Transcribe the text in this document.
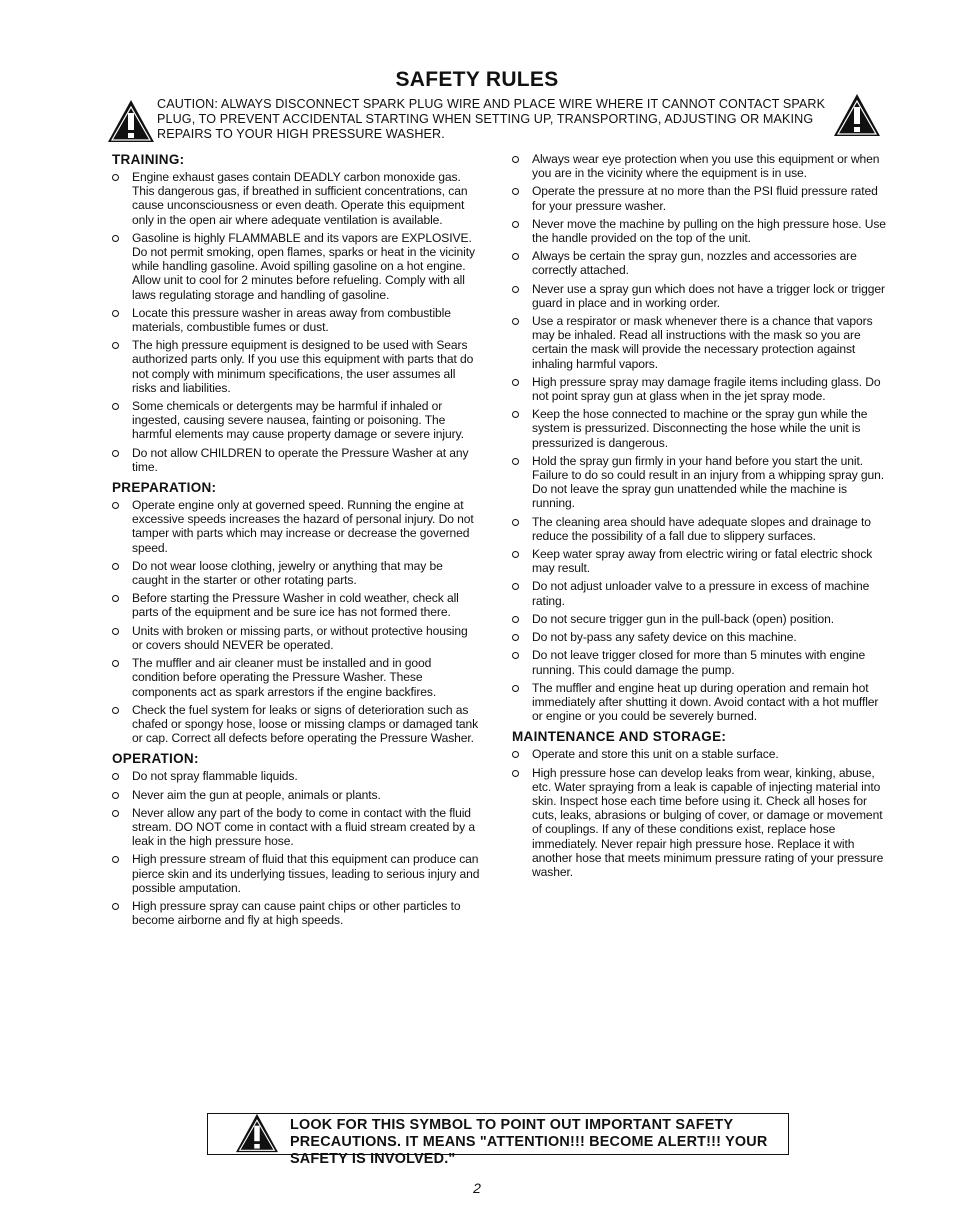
SAFETY RULES
CAUTION: ALWAYS DISCONNECT SPARK PLUG WIRE AND PLACE WIRE WHERE IT CANNOT CONTACT SPARK PLUG, TO PREVENT ACCIDENTAL STARTING WHEN SETTING UP, TRANSPORTING, ADJUSTING OR MAKING REPAIRS TO YOUR HIGH PRESSURE WASHER.
TRAINING:
Engine exhaust gases contain DEADLY carbon monoxide gas. This dangerous gas, if breathed in sufficient concentrations, can cause unconsciousness or even death. Operate this equipment only in the open air where adequate ventilation is available.
Gasoline is highly FLAMMABLE and its vapors are EXPLOSIVE. Do not permit smoking, open flames, sparks or heat in the vicinity while handling gasoline. Avoid spilling gasoline on a hot engine. Allow unit to cool for 2 minutes before refueling. Comply with all laws regulating storage and handling of gasoline.
Locate this pressure washer in areas away from combustible materials, combustible fumes or dust.
The high pressure equipment is designed to be used with Sears authorized parts only. If you use this equipment with parts that do not comply with minimum specifications, the user assumes all risks and liabilities.
Some chemicals or detergents may be harmful if inhaled or ingested, causing severe nausea, fainting or poisoning. The harmful elements may cause property damage or severe injury.
Do not allow CHILDREN to operate the Pressure Washer at any time.
PREPARATION:
Operate engine only at governed speed. Running the engine at excessive speeds increases the hazard of personal injury. Do not tamper with parts which may increase or decrease the governed speed.
Do not wear loose clothing, jewelry or anything that may be caught in the starter or other rotating parts.
Before starting the Pressure Washer in cold weather, check all parts of the equipment and be sure ice has not formed there.
Units with broken or missing parts, or without protective housing or covers should NEVER be operated.
The muffler and air cleaner must be installed and in good condition before operating the Pressure Washer. These components act as spark arrestors if the engine backfires.
Check the fuel system for leaks or signs of deterioration such as chafed or spongy hose, loose or missing clamps or damaged tank or cap. Correct all defects before operating the Pressure Washer.
OPERATION:
Do not spray flammable liquids.
Never aim the gun at people, animals or plants.
Never allow any part of the body to come in contact with the fluid stream. DO NOT come in contact with a fluid stream created by a leak in the high pressure hose.
High pressure stream of fluid that this equipment can produce can pierce skin and its underlying tissues, leading to serious injury and possible amputation.
High pressure spray can cause paint chips or other particles to become airborne and fly at high speeds.
Always wear eye protection when you use this equipment or when you are in the vicinity where the equipment is in use.
Operate the pressure at no more than the PSI fluid pressure rated for your pressure washer.
Never move the machine by pulling on the high pressure hose. Use the handle provided on the top of the unit.
Always be certain the spray gun, nozzles and accessories are correctly attached.
Never use a spray gun which does not have a trigger lock or trigger guard in place and in working order.
Use a respirator or mask whenever there is a chance that vapors may be inhaled. Read all instructions with the mask so you are certain the mask will provide the necessary protection against inhaling harmful vapors.
High pressure spray may damage fragile items including glass. Do not point spray gun at glass when in the jet spray mode.
Keep the hose connected to machine or the spray gun while the system is pressurized. Disconnecting the hose while the unit is pressurized is dangerous.
Hold the spray gun firmly in your hand before you start the unit. Failure to do so could result in an injury from a whipping spray gun. Do not leave the spray gun unattended while the machine is running.
The cleaning area should have adequate slopes and drainage to reduce the possibility of a fall due to slippery surfaces.
Keep water spray away from electric wiring or fatal electric shock may result.
Do not adjust unloader valve to a pressure in excess of machine rating.
Do not secure trigger gun in the pull-back (open) position.
Do not by-pass any safety device on this machine.
Do not leave trigger closed for more than 5 minutes with engine running. This could damage the pump.
The muffler and engine heat up during operation and remain hot immediately after shutting it down. Avoid contact with a hot muffler or engine or you could be severely burned.
MAINTENANCE AND STORAGE:
Operate and store this unit on a stable surface.
High pressure hose can develop leaks from wear, kinking, abuse, etc. Water spraying from a leak is capable of injecting material into skin. Inspect hose each time before using it. Check all hoses for cuts, leaks, abrasions or bulging of cover, or damage or movement of couplings. If any of these conditions exist, replace hose immediately. Never repair high pressure hose. Replace it with another hose that meets minimum pressure rating of your pressure washer.
LOOK FOR THIS SYMBOL TO POINT OUT IMPORTANT SAFETY PRECAUTIONS. IT MEANS "ATTENTION!!! BECOME ALERT!!! YOUR SAFETY IS INVOLVED."
2
